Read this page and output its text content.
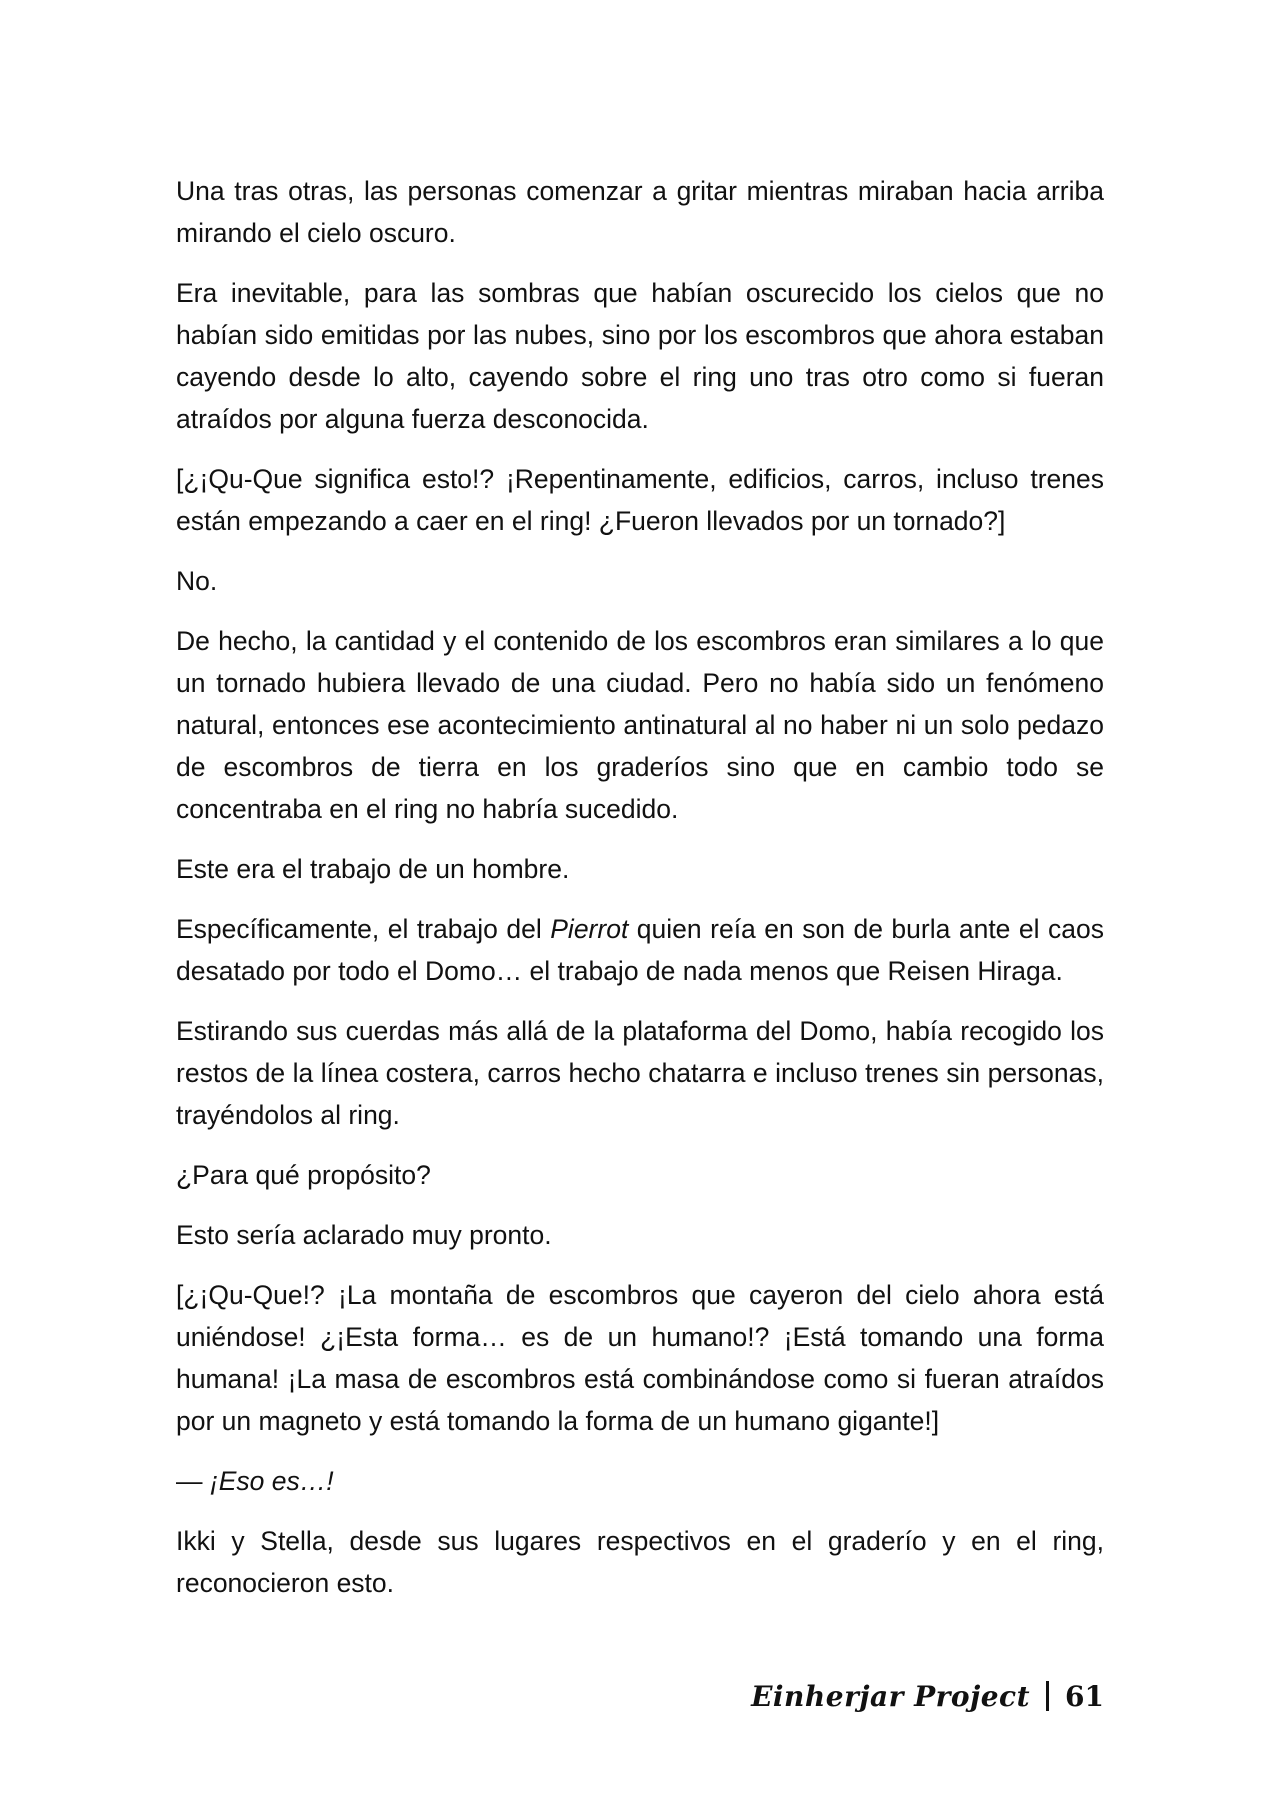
Una tras otras, las personas comenzar a gritar mientras miraban hacia arriba mirando el cielo oscuro.

Era inevitable, para las sombras que habían oscurecido los cielos que no habían sido emitidas por las nubes, sino por los escombros que ahora estaban cayendo desde lo alto, cayendo sobre el ring uno tras otro como si fueran atraídos por alguna fuerza desconocida.

[¿¡Qu-Que significa esto!? ¡Repentinamente, edificios, carros, incluso trenes están empezando a caer en el ring! ¿Fueron llevados por un tornado?]

No.

De hecho, la cantidad y el contenido de los escombros eran similares a lo que un tornado hubiera llevado de una ciudad. Pero no había sido un fenómeno natural, entonces ese acontecimiento antinatural al no haber ni un solo pedazo de escombros de tierra en los graderíos sino que en cambio todo se concentraba en el ring no habría sucedido.

Este era el trabajo de un hombre.

Específicamente, el trabajo del Pierrot quien reía en son de burla ante el caos desatado por todo el Domo… el trabajo de nada menos que Reisen Hiraga.

Estirando sus cuerdas más allá de la plataforma del Domo, había recogido los restos de la línea costera, carros hecho chatarra e incluso trenes sin personas, trayéndolos al ring.

¿Para qué propósito?

Esto sería aclarado muy pronto.

[¿¡Qu-Que!? ¡La montaña de escombros que cayeron del cielo ahora está uniéndose! ¿¡Esta forma… es de un humano!? ¡Está tomando una forma humana! ¡La masa de escombros está combinándose como si fueran atraídos por un magneto y está tomando la forma de un humano gigante!]

— ¡Eso es…!

Ikki y Stella, desde sus lugares respectivos en el graderío y en el ring, reconocieron esto.

Einherjar Project 61
